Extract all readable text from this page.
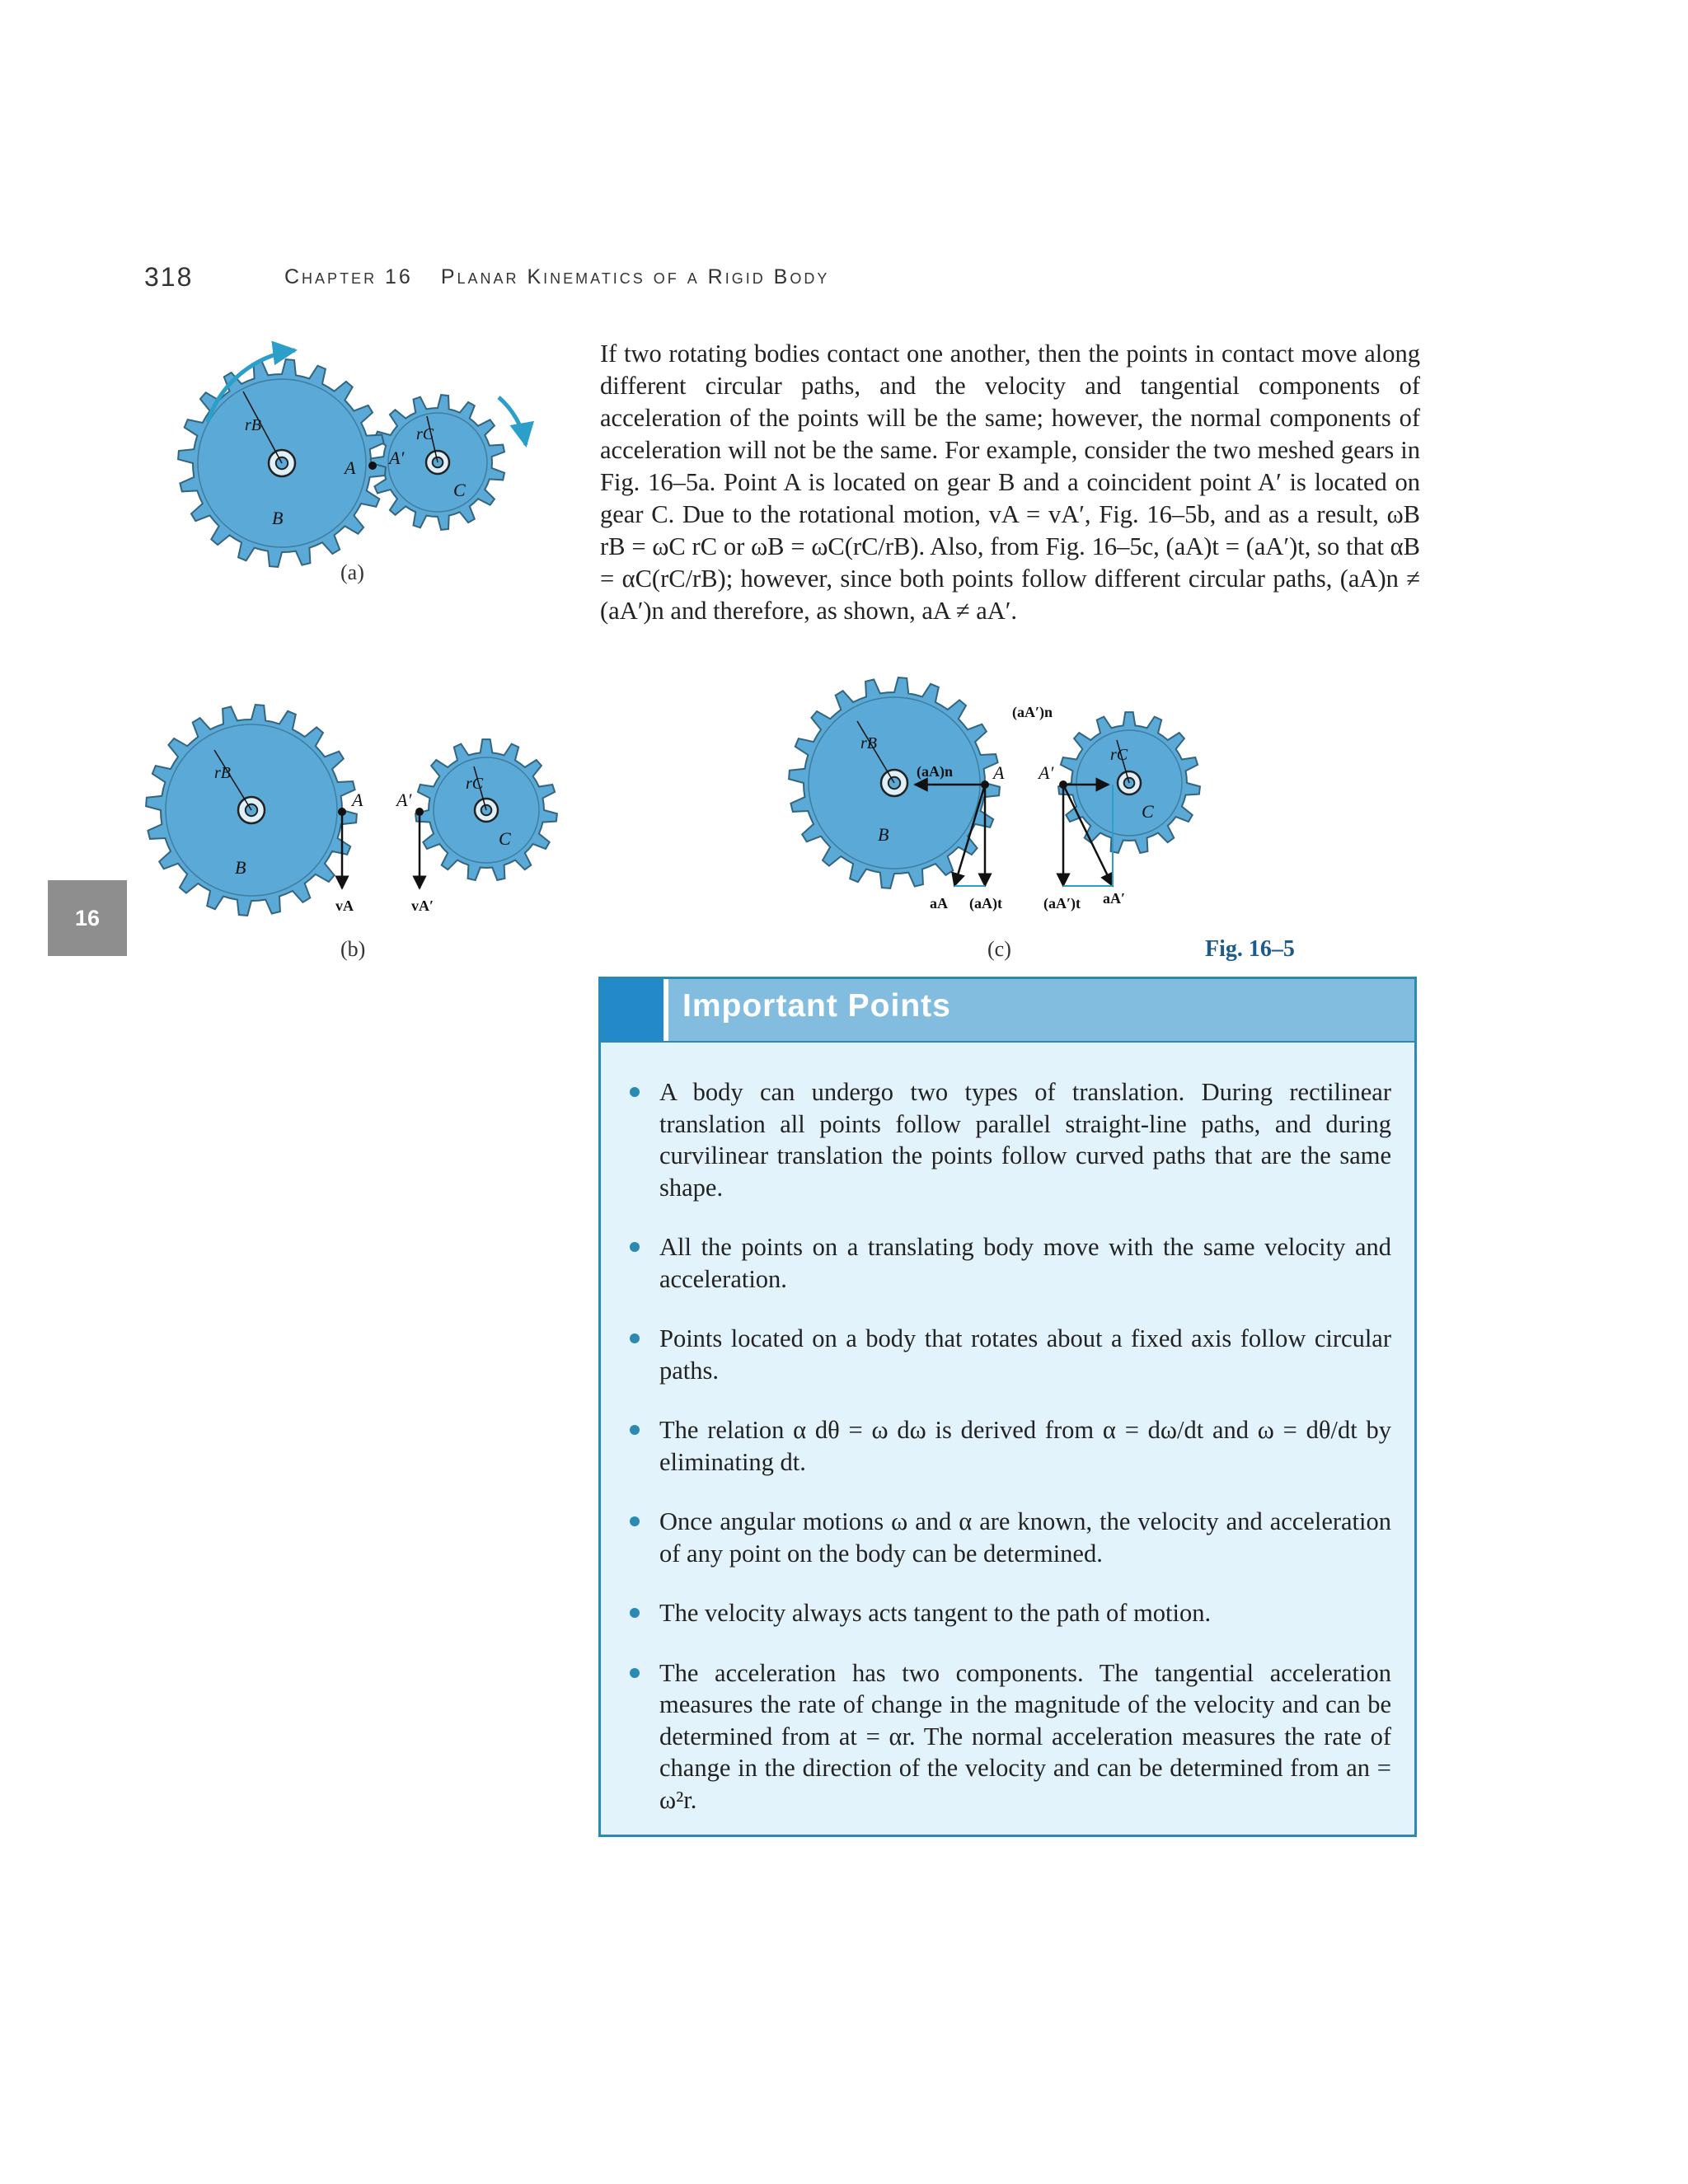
318	Chapter 16 Planar Kinematics of a Rigid Body
16
rB	rC
B
C
A A′
(a)
rB
rC
B
C
A A′
vA	vA′
(b)
rB
rC
B
C
A A′
(aA)n
aA (aA)t
(aA′)n
(aA′)t aA′
(c)	Fig. 16–5
If two rotating bodies contact one another, then the points in contact move along different circular paths, and the velocity and tangential components of acceleration of the points will be the same; however, the normal components of acceleration will not be the same. For example, consider the two meshed gears in Fig. 16–5a. Point A is located on gear B and a coincident point A′ is located on gear C. Due to the rotational motion, vA = vA′, Fig. 16–5b, and as a result, ωB rB = ωC rC or ωB = ωC(rC/rB). Also, from Fig. 16–5c, (aA)t = (aA′)t, so that αB = αC(rC/rB); however, since both points follow different circular paths, (aA)n ≠ (aA′)n and therefore, as shown, aA ≠ aA′.
Important Points
A body can undergo two types of translation. During rectilinear translation all points follow parallel straight-line paths, and during curvilinear translation the points follow curved paths that are the same shape.
All the points on a translating body move with the same velocity and acceleration.
Points located on a body that rotates about a fixed axis follow circular paths.
The relation α dθ = ω dω is derived from α = dω/dt and ω = dθ/dt by eliminating dt.
Once angular motions ω and α are known, the velocity and acceleration of any point on the body can be determined.
The velocity always acts tangent to the path of motion.
The acceleration has two components. The tangential acceleration measures the rate of change in the magnitude of the velocity and can be determined from at = αr. The normal acceleration measures the rate of change in the direction of the velocity and can be determined from an = ω²r.
